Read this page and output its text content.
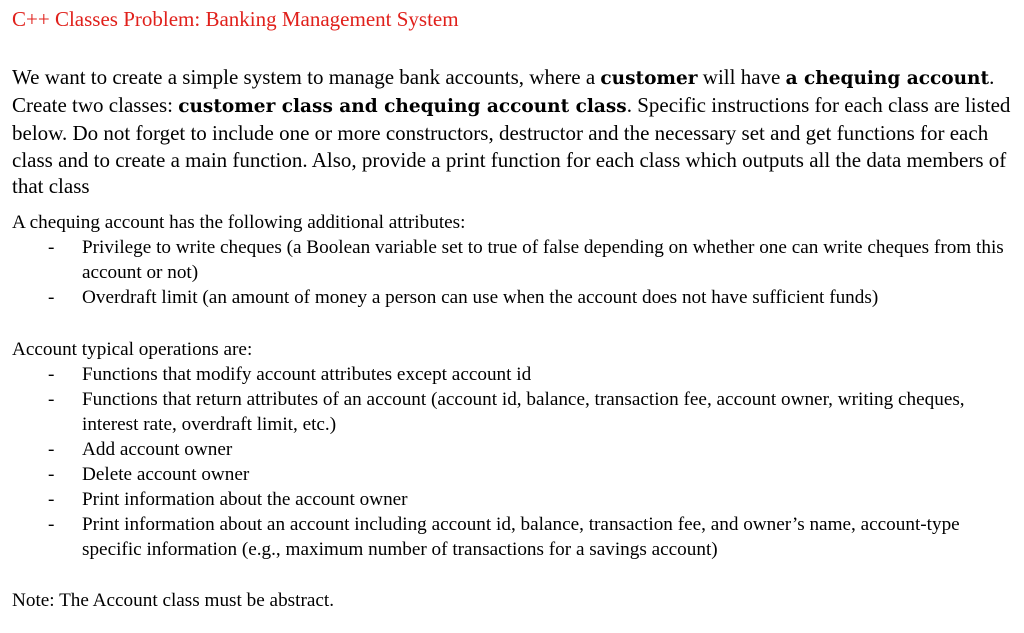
C++ Classes Problem: Banking Management System
We want to create a simple system to manage bank accounts, where a customer will have a chequing account. Create two classes: customer class and chequing account class. Specific instructions for each class are listed below. Do not forget to include one or more constructors, destructor and the necessary set and get functions for each class and to create a main function. Also, provide a print function for each class which outputs all the data members of that class
A chequing account has the following additional attributes:
- Privilege to write cheques (a Boolean variable set to true of false depending on whether one can write cheques from this account or not)
- Overdraft limit (an amount of money a person can use when the account does not have sufficient funds)
Account typical operations are:
- Functions that modify account attributes except account id
- Functions that return attributes of an account (account id, balance, transaction fee, account owner, writing cheques, interest rate, overdraft limit, etc.)
- Add account owner
- Delete account owner
- Print information about the account owner
- Print information about an account including account id, balance, transaction fee, and owner’s name, account-type specific information (e.g., maximum number of transactions for a savings account)
Note: The Account class must be abstract.
